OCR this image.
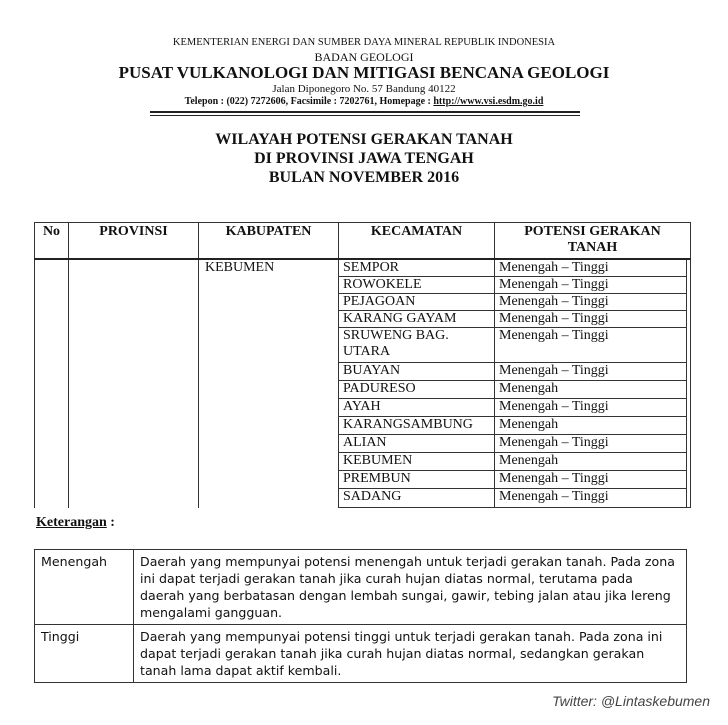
KEMENTERIAN ENERGI DAN SUMBER DAYA MINERAL REPUBLIK INDONESIA
BADAN GEOLOGI
PUSAT VULKANOLOGI DAN MITIGASI BENCANA GEOLOGI
Jalan Diponegoro No. 57 Bandung 40122
Telepon : (022) 7272606, Facsimile : 7202761, Homepage : http://www.vsi.esdm.go.id
WILAYAH POTENSI GERAKAN TANAH
DI PROVINSI JAWA TENGAH
BULAN NOVEMBER 2016
No	PROVINSI	KABUPATEN	KECAMATAN	POTENSI GERAKAN TANAH	
		KEBUMEN	SEMPOR	Menengah – Tinggi	
			ROWOKELE	Menengah – Tinggi	
			PEJAGOAN	Menengah – Tinggi	
			KARANG GAYAM	Menengah – Tinggi	
			SRUWENG BAG. UTARA	Menengah – Tinggi	
			BUAYAN	Menengah – Tinggi	
			PADURESO	Menengah	
			AYAH	Menengah – Tinggi	
			KARANGSAMBUNG	Menengah	
			ALIAN	Menengah – Tinggi	
			KEBUMEN	Menengah	
			PREMBUN	Menengah – Tinggi	
			SADANG	Menengah – Tinggi	
Keterangan :
Menengah	Daerah yang mempunyai potensi menengah untuk terjadi gerakan tanah. Pada zona ini dapat terjadi gerakan tanah jika curah hujan diatas normal, terutama pada daerah yang berbatasan dengan lembah sungai, gawir, tebing jalan atau jika lereng mengalami gangguan.
Tinggi	Daerah yang mempunyai potensi tinggi untuk terjadi gerakan tanah. Pada zona ini dapat terjadi gerakan tanah jika curah hujan diatas normal, sedangkan gerakan tanah lama dapat aktif kembali.
Twitter: @Lintaskebumen
